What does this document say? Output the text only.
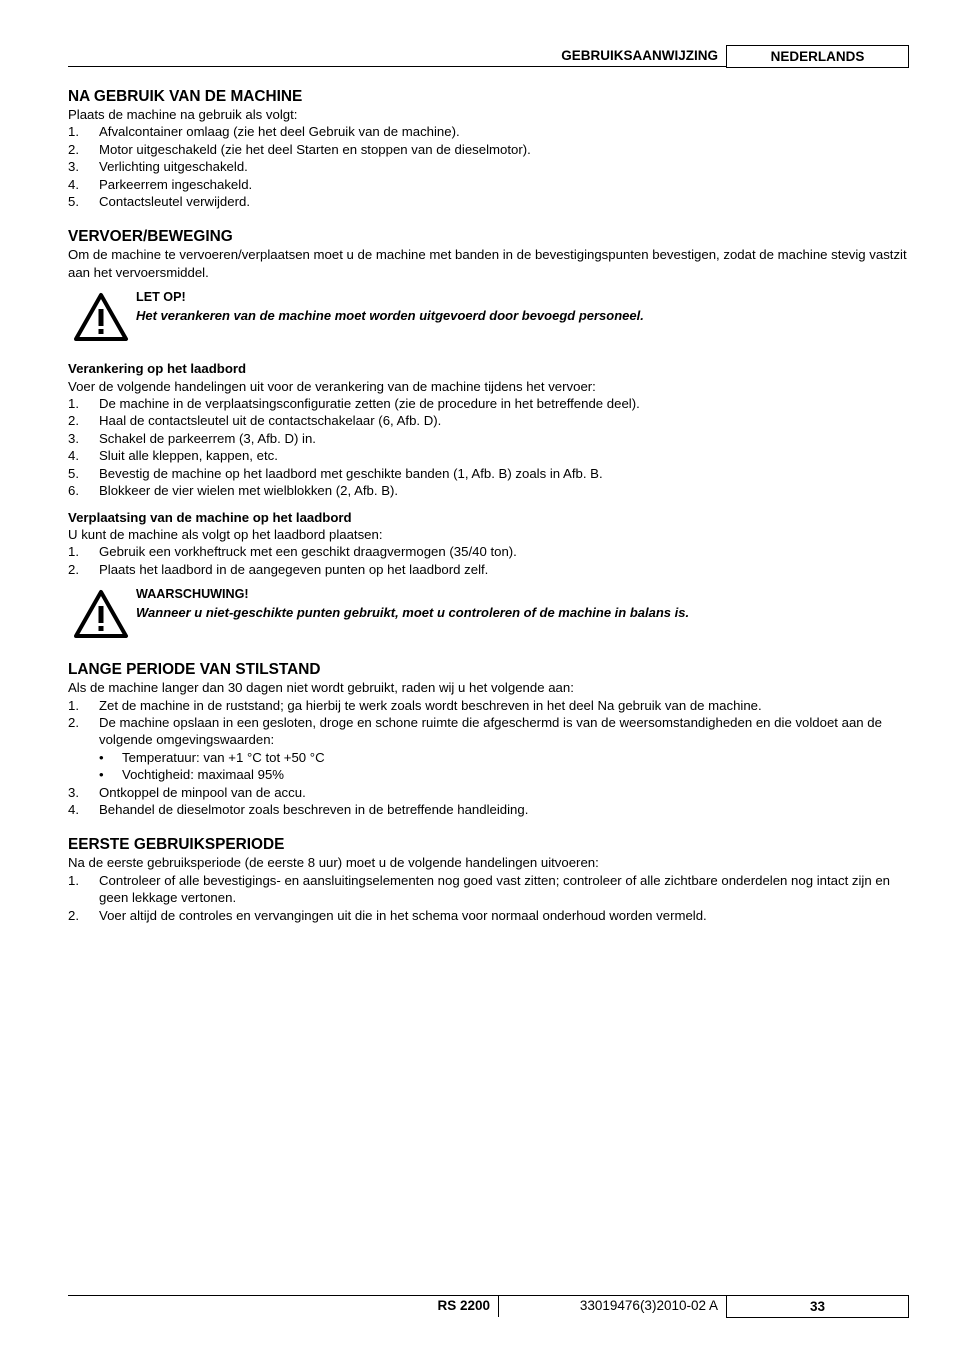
GEBRUIKSAANWIJZING	NEDERLANDS
NA GEBRUIK VAN DE MACHINE

Plaats de machine na gebruik als volgt:

1.	Afvalcontainer omlaag (zie het deel Gebruik van de machine).
2.	Motor uitgeschakeld (zie het deel Starten en stoppen van de dieselmotor).
3.	Verlichting uitgeschakeld.
4.	Parkeerrem ingeschakeld.
5.	Contactsleutel verwijderd.
VERVOER/BEWEGING

Om de machine te vervoeren/verplaatsen moet u de machine met banden in de bevestigingspunten bevestigen, zodat de machine stevig vastzit aan het vervoersmiddel.

LET OP!
Het verankeren van de machine moet worden uitgevoerd door bevoegd personeel.
Verankering op het laadbord

Voer de volgende handelingen uit voor de verankering van de machine tijdens het vervoer:

1.	De machine in de verplaatsingsconfiguratie zetten (zie de procedure in het betreffende deel).
2.	Haal de contactsleutel uit de contactschakelaar (6, Afb. D).
3.	Schakel de parkeerrem (3, Afb. D) in.
4.	Sluit alle kleppen, kappen, etc.
5.	Bevestig de machine op het laadbord met geschikte banden (1, Afb. B) zoals in Afb. B.
6.	Blokkeer de vier wielen met wielblokken (2, Afb. B).
Verplaatsing van de machine op het laadbord

U kunt de machine als volgt op het laadbord plaatsen:

1.	Gebruik een vorkheftruck met een geschikt draagvermogen (35/40 ton).
2.	Plaats het laadbord in de aangegeven punten op het laadbord zelf.
WAARSCHUWING!
Wanneer u niet-geschikte punten gebruikt, moet u controleren of de machine in balans is.
LANGE PERIODE VAN STILSTAND

Als de machine langer dan 30 dagen niet wordt gebruikt, raden wij u het volgende aan:

1.	Zet de machine in de ruststand; ga hierbij te werk zoals wordt beschreven in het deel Na gebruik van de machine.
2.	De machine opslaan in een gesloten, droge en schone ruimte die afgeschermd is van de weersomstandigheden en die voldoet aan de volgende omgevingswaarden:
•	Temperatuur: van +1 °C tot +50 °C
•	Vochtigheid: maximaal 95%
3.	Ontkoppel de minpool van de accu.
4.	Behandel de dieselmotor zoals beschreven in de betreffende handleiding.
EERSTE GEBRUIKSPERIODE

Na de eerste gebruiksperiode (de eerste 8 uur) moet u de volgende handelingen uitvoeren:

1.	Controleer of alle bevestigings- en aansluitingselementen nog goed vast zitten; controleer of alle zichtbare onderdelen nog intact zijn en geen lekkage vertonen.
2.	Voer altijd de controles en vervangingen uit die in het schema voor normaal onderhoud worden vermeld.
RS 2200	33019476(3)2010-02 A	33
